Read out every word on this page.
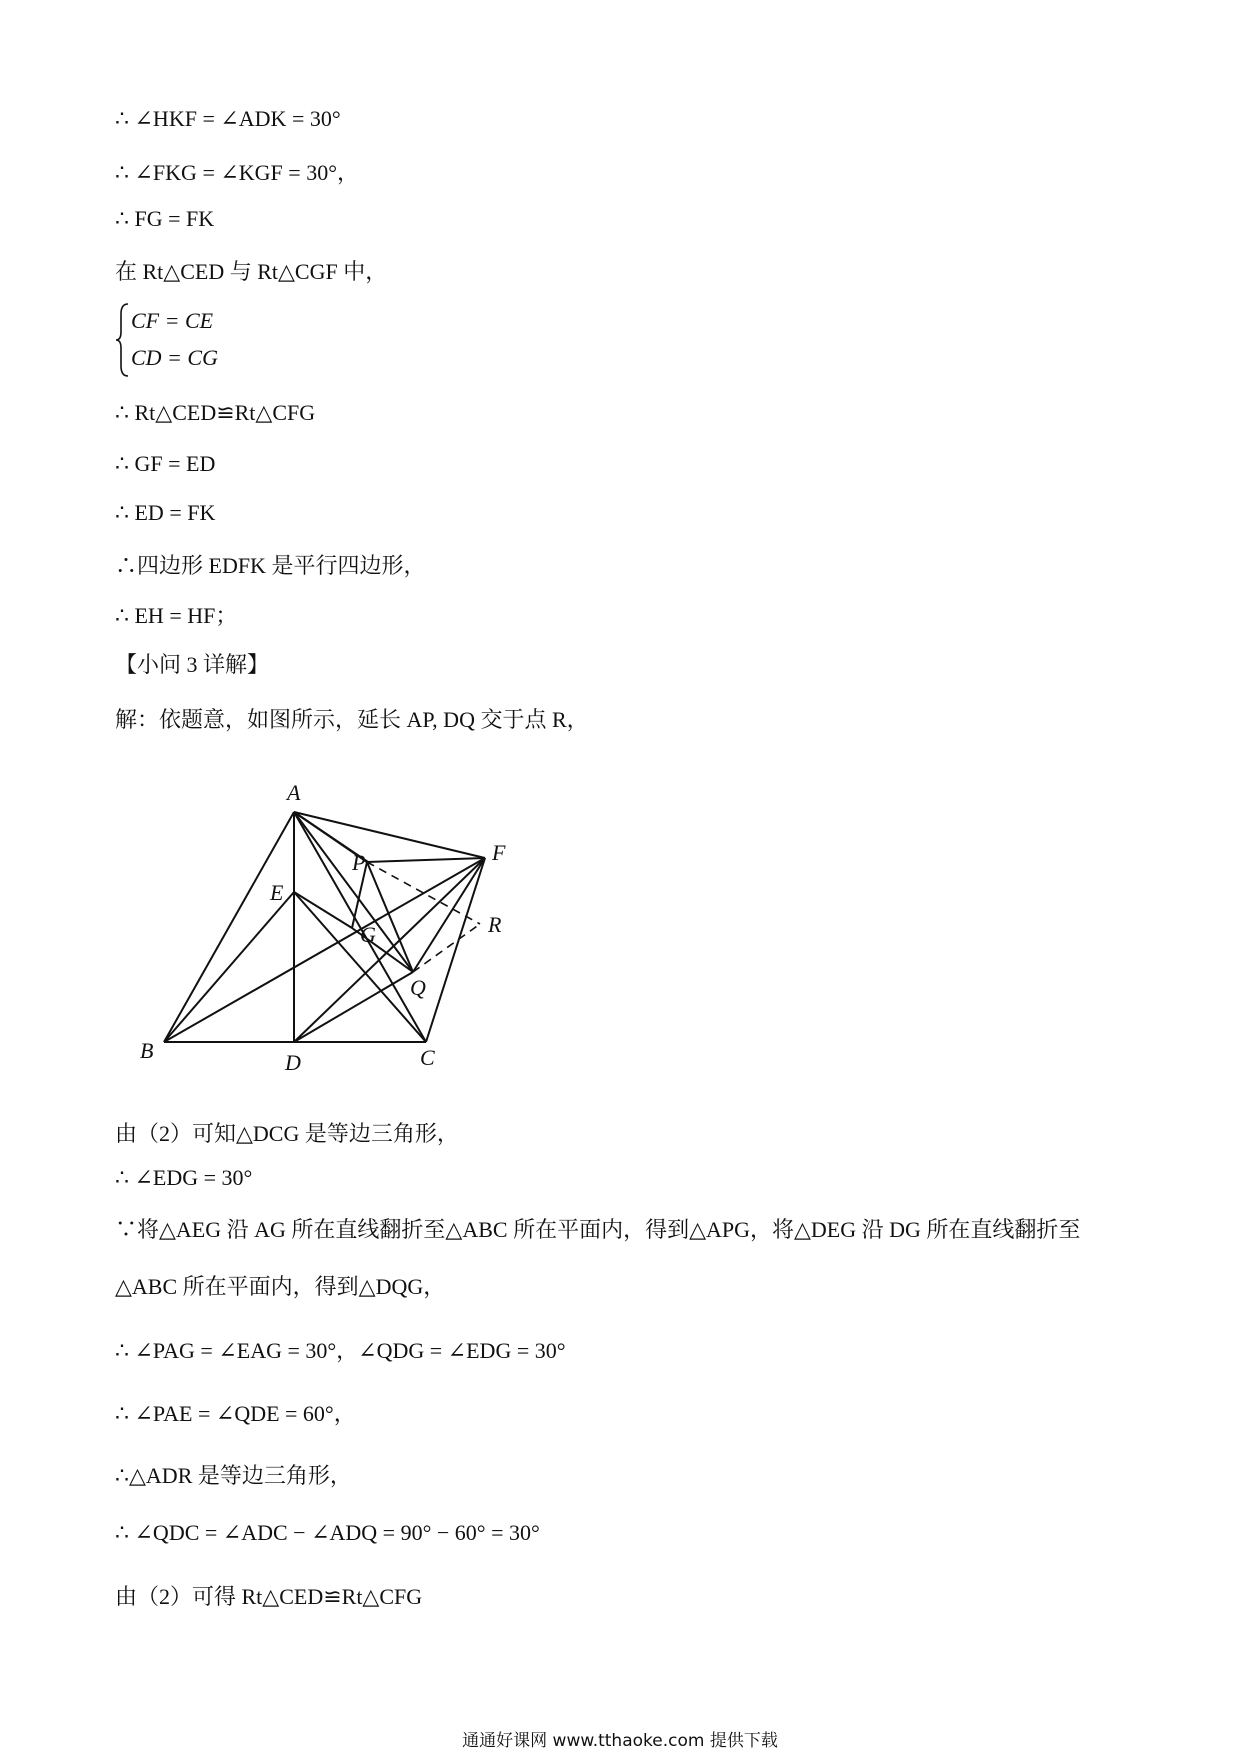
∴ ∠HKF = ∠ADK = 30°
∴ ∠FKG = ∠KGF = 30°，
∴ FG = FK
在 Rt△CED 与 Rt△CGF 中，
CF = CE
CD = CG
∴ Rt△CED≌Rt△CFG
∴ GF = ED
∴ ED = FK
∴四边形 EDFK 是平行四边形，
∴ EH = HF；
【小问 3 详解】
解：依题意，如图所示，延长 AP, DQ 交于点 R，
A
B	C
D
E
F
G
P
Q
R
由（2）可知△DCG 是等边三角形，
∴ ∠EDG = 30°
∵将△AEG 沿 AG 所在直线翻折至△ABC 所在平面内，得到△APG，将△DEG 沿 DG 所在直线翻折至
△ABC 所在平面内，得到△DQG，
∴ ∠PAG = ∠EAG = 30°，∠QDG = ∠EDG = 30°
∴ ∠PAE = ∠QDE = 60°，
∴△ADR 是等边三角形，
∴ ∠QDC = ∠ADC − ∠ADQ = 90° − 60° = 30°
由（2）可得 Rt△CED≌Rt△CFG
通通好课网 www.tthaoke.com 提供下载
